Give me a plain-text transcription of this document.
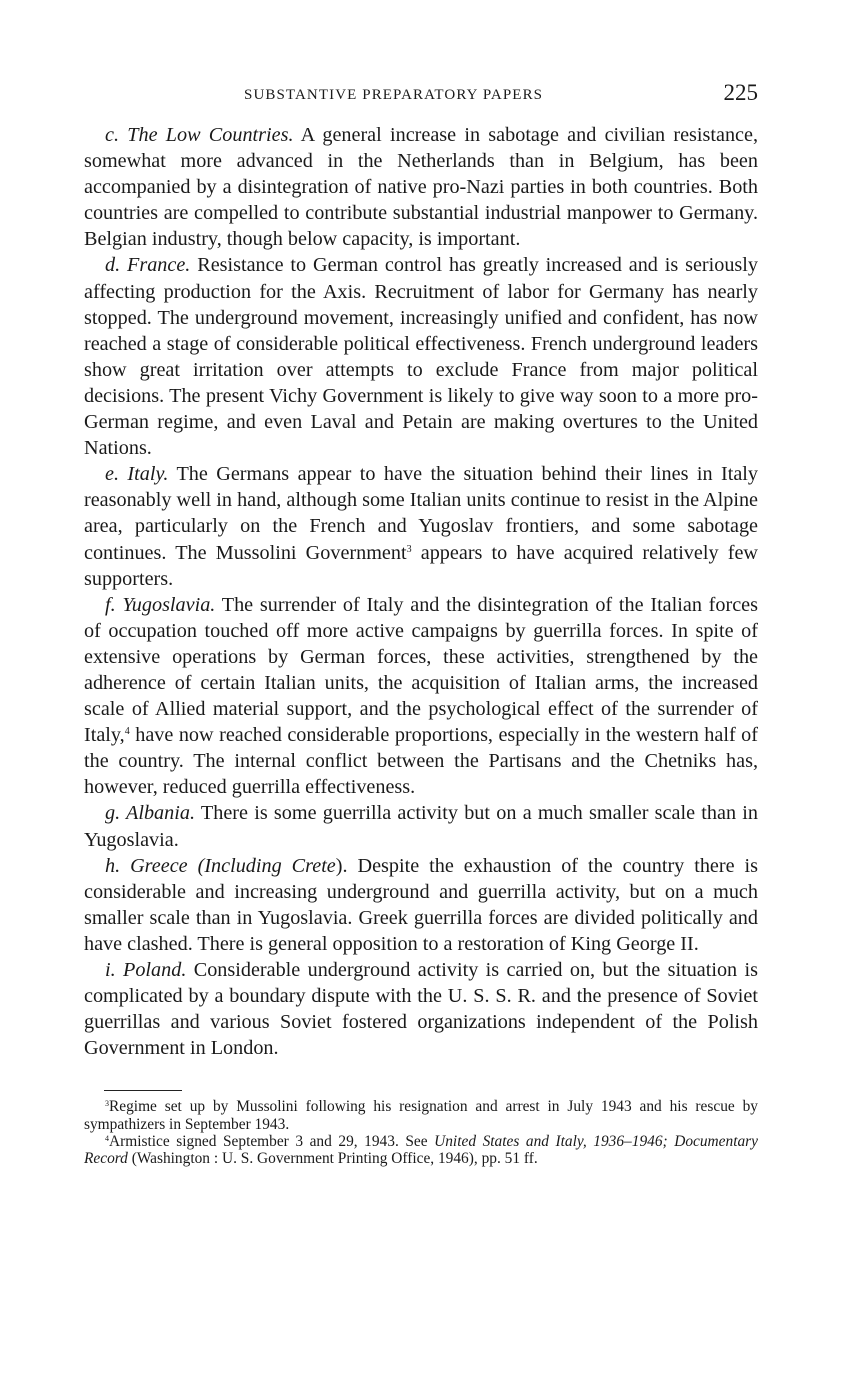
SUBSTANTIVE PREPARATORY PAPERS	225

c. The Low Countries. A general increase in sabotage and civilian resistance, somewhat more advanced in the Netherlands than in Belgium, has been accompanied by a disintegration of native pro-Nazi parties in both countries. Both countries are compelled to contribute substantial industrial manpower to Germany. Belgian industry, though below capacity, is important.

d. France. Resistance to German control has greatly increased and is seriously affecting production for the Axis. Recruitment of labor for Germany has nearly stopped. The underground movement, increasingly unified and confident, has now reached a stage of considerable political effectiveness. French underground leaders show great irritation over attempts to exclude France from major political decisions. The present Vichy Government is likely to give way soon to a more pro-German regime, and even Laval and Petain are making overtures to the United Nations.

e. Italy. The Germans appear to have the situation behind their lines in Italy reasonably well in hand, although some Italian units continue to resist in the Alpine area, particularly on the French and Yugoslav frontiers, and some sabotage continues. The Mussolini Government$^3$ appears to have acquired relatively few supporters.

f. Yugoslavia. The surrender of Italy and the disintegration of the Italian forces of occupation touched off more active campaigns by guerrilla forces. In spite of extensive operations by German forces, these activities, strengthened by the adherence of certain Italian units, the acquisition of Italian arms, the increased scale of Allied material support, and the psychological effect of the surrender of Italy,$^4$ have now reached considerable proportions, especially in the western half of the country. The internal conflict between the Partisans and the Chetniks has, however, reduced guerrilla effectiveness.

g. Albania. There is some guerrilla activity but on a much smaller scale than in Yugoslavia.

h. Greece (Including Crete). Despite the exhaustion of the country there is considerable and increasing underground and guerrilla activity, but on a much smaller scale than in Yugoslavia. Greek guerrilla forces are divided politically and have clashed. There is general opposition to a restoration of King George II.

i. Poland. Considerable underground activity is carried on, but the situation is complicated by a boundary dispute with the U. S. S. R. and the presence of Soviet guerrillas and various Soviet fostered organizations independent of the Polish Government in London.

$^3$Regime set up by Mussolini following his resignation and arrest in July 1943 and his rescue by sympathizers in September 1943.

$^4$Armistice signed September 3 and 29, 1943. See United States and Italy, 1936–1946; Documentary Record (Washington : U. S. Government Printing Office, 1946), pp. 51 ff.
